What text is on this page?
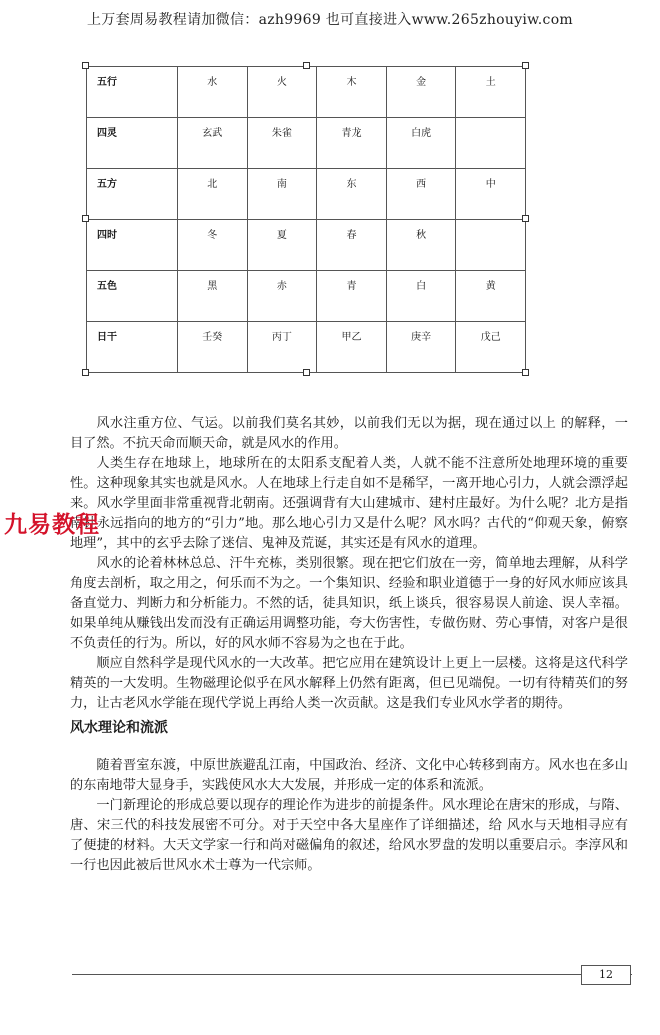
上万套周易教程请加微信：azh9969 也可直接进入www.265zhouyiw.com
五行	水	火	木	金	土
四灵	玄武	朱雀	青龙	白虎	
五方	北	南	东	西	中
四时	冬	夏	春	秋	
五色	黑	赤	青	白	黄
日干	壬癸	丙丁	甲乙	庚辛	戊己
九易教程

风水注重方位、气运。以前我们莫名其妙，以前我们无以为据，现在通过以上 的解释，一目了然。不抗天命而顺天命，就是风水的作用。

人类生存在地球上，地球所在的太阳系支配着人类，人就不能不注意所处地理环境的重要性。这种现象其实也就是风水。人在地球上行走自如不是稀罕，一离开地心引力，人就会漂浮起来。风水学里面非常重视背北朝南。还强调背有大山建城市、建村庄最好。为什么呢？北方是指南针永远指向的地方的“引力”地。那么地心引力又是什么呢？风水吗？古代的“仰观天象，俯察地理”，其中的玄乎去除了迷信、鬼神及荒诞，其实还是有风水的道理。

风水的论着林林总总、汗牛充栋，类别很繁。现在把它们放在一旁，简单地去理解，从科学角度去剖析，取之用之，何乐而不为之。一个集知识、经验和职业道德于一身的好风水师应该具备直觉力、判断力和分析能力。不然的话，徒具知识，纸上谈兵，很容易误人前途、误人幸福。如果单纯从赚钱出发而没有正确运用调整功能，夸大伤害性，专做伤财、劳心事情，对客户是很不负责任的行为。所以，好的风水师不容易为之也在于此。

顺应自然科学是现代风水的一大改革。把它应用在建筑设计上更上一层楼。这将是这代科学精英的一大发明。生物磁理论似乎在风水解释上仍然有距离，但已见端倪。一切有待精英们的努力，让古老风水学能在现代学说上再给人类一次贡献。这是我们专业风水学者的期待。

风水理论和流派

随着晋室东渡，中原世族避乱江南，中国政治、经济、文化中心转移到南方。风水也在多山的东南地带大显身手，实践使风水大大发展，并形成一定的体系和流派。

一门新理论的形成总要以现存的理论作为进步的前提条件。风水理论在唐宋的形成，与隋、唐、宋三代的科技发展密不可分。对于天空中各大星座作了详细描述，给 风水与天地相寻应有了便捷的材料。大天文学家一行和尚对磁偏角的叙述，给风水罗盘的发明以重要启示。李淳风和一行也因此被后世风水术士尊为一代宗师。

12
